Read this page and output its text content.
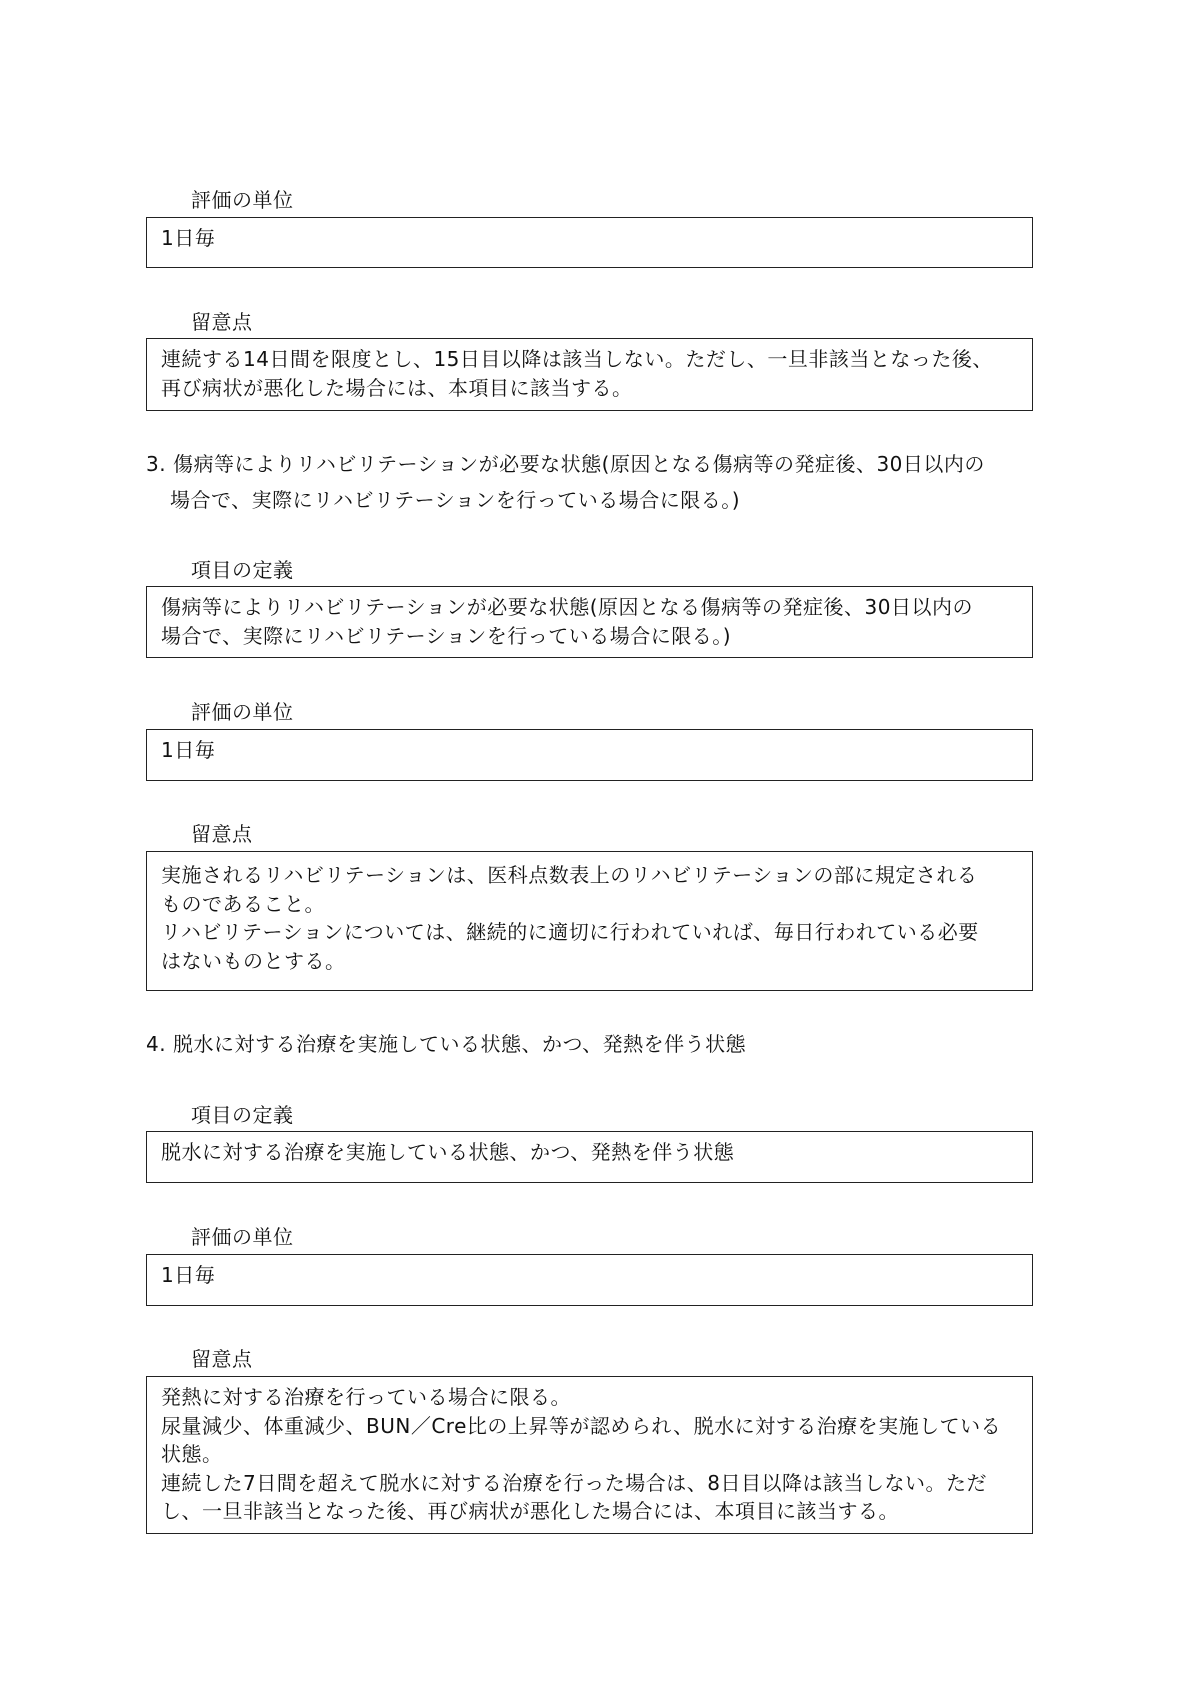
評価の単位
1日毎
留意点
連続する14日間を限度とし、15日目以降は該当しない。ただし、一旦非該当となった後、
再び病状が悪化した場合には、本項目に該当する。
3. 傷病等によりリハビリテーションが必要な状態(原因となる傷病等の発症後、30日以内の
場合で、実際にリハビリテーションを行っている場合に限る。)
項目の定義
傷病等によりリハビリテーションが必要な状態(原因となる傷病等の発症後、30日以内の
場合で、実際にリハビリテーションを行っている場合に限る。)
評価の単位
1日毎
留意点
実施されるリハビリテーションは、医科点数表上のリハビリテーションの部に規定される
ものであること。
リハビリテーションについては、継続的に適切に行われていれば、毎日行われている必要
はないものとする。
4. 脱水に対する治療を実施している状態、かつ、発熱を伴う状態
項目の定義
脱水に対する治療を実施している状態、かつ、発熱を伴う状態
評価の単位
1日毎
留意点
発熱に対する治療を行っている場合に限る。
尿量減少、体重減少、BUN／Cre比の上昇等が認められ、脱水に対する治療を実施している
状態。
連続した7日間を超えて脱水に対する治療を行った場合は、8日目以降は該当しない。ただ
し、一旦非該当となった後、再び病状が悪化した場合には、本項目に該当する。
